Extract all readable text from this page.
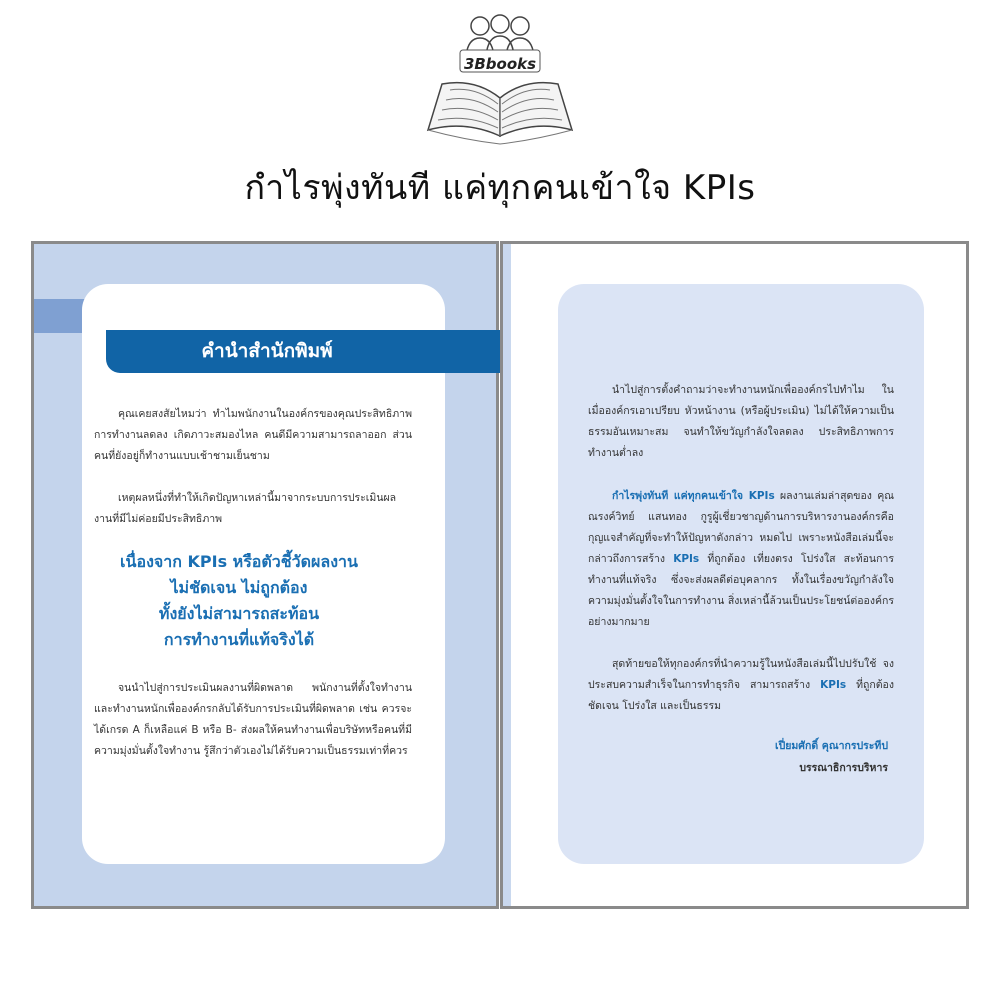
3Bbooks
กำไรพุ่งทันที แค่ทุกคนเข้าใจ KPIs
คำนำสำนักพิมพ์
คุณเคยสงสัยไหมว่า ทำไมพนักงานในองค์กรของคุณประสิทธิภาพการทำงานลดลง เกิดภาวะสมองไหล คนดีมีความสามารถลาออก ส่วนคนที่ยังอยู่ก็ทำงานแบบเช้าชามเย็นชาม
เหตุผลหนึ่งที่ทำให้เกิดปัญหาเหล่านี้มาจากระบบการประเมินผลงานที่มีไม่ค่อยมีประสิทธิภาพ
เนื่องจาก KPIs หรือตัวชี้วัดผลงาน
ไม่ชัดเจน ไม่ถูกต้อง
ทั้งยังไม่สามารถสะท้อน
การทำงานที่แท้จริงได้
จนนำไปสู่การประเมินผลงานที่ผิดพลาด พนักงานที่ตั้งใจทำงานและทำงานหนักเพื่อองค์กรกลับได้รับการประเมินที่ผิดพลาด เช่น ควรจะได้เกรด A ก็เหลือแค่ B หรือ B- ส่งผลให้คนทำงานเพื่อบริษัทหรือคนที่มีความมุ่งมั่นตั้งใจทำงาน รู้สึกว่าตัวเองไม่ได้รับความเป็นธรรมเท่าที่ควร
นำไปสู่การตั้งคำถามว่าจะทำงานหนักเพื่อองค์กรไปทำไม ในเมื่อองค์กรเอาเปรียบ หัวหน้างาน (หรือผู้ประเมิน) ไม่ได้ให้ความเป็นธรรมอันเหมาะสม จนทำให้ขวัญกำลังใจลดลง ประสิทธิภาพการทำงานต่ำลง
กำไรพุ่งทันที แค่ทุกคนเข้าใจ KPIs ผลงานเล่มล่าสุดของ คุณณรงค์วิทย์ แสนทอง กูรูผู้เชี่ยวชาญด้านการบริหารงานองค์กรคือกุญแจสำคัญที่จะทำให้ปัญหาดังกล่าว หมดไป เพราะหนังสือเล่มนี้จะกล่าวถึงการสร้าง KPIs ที่ถูกต้อง เที่ยงตรง โปร่งใส สะท้อนการทำงานที่แท้จริง ซึ่งจะส่งผลดีต่อบุคลากร ทั้งในเรื่องขวัญกำลังใจ ความมุ่งมั่นตั้งใจในการทำงาน สิ่งเหล่านี้ล้วนเป็นประโยชน์ต่อองค์กรอย่างมากมาย
สุดท้ายขอให้ทุกองค์กรที่นำความรู้ในหนังสือเล่มนี้ไปปรับใช้ จงประสบความสำเร็จในการทำธุรกิจ สามารถสร้าง KPIs ที่ถูกต้อง ชัดเจน โปร่งใส และเป็นธรรม
เปี่ยมศักดิ์ คุณากรประทีป
บรรณาธิการบริหาร
